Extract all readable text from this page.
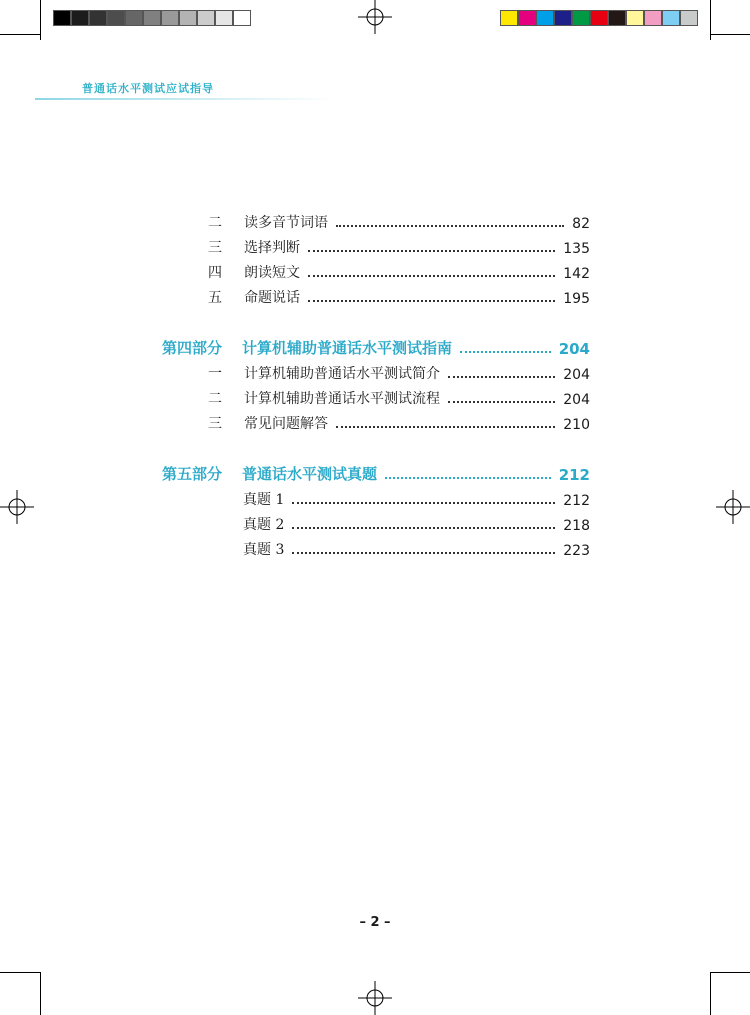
普通话水平测试应试指导
二	读多音节词语	82
三	选择判断	135
四	朗读短文	142
五	命题说话	195
第四部分	计算机辅助普通话水平测试指南	204
一	计算机辅助普通话水平测试简介	204
二	计算机辅助普通话水平测试流程	204
三	常见问题解答	210
第五部分	普通话水平测试真题	212
真题 1	212
真题 2	218
真题 3	223
– 2 –
